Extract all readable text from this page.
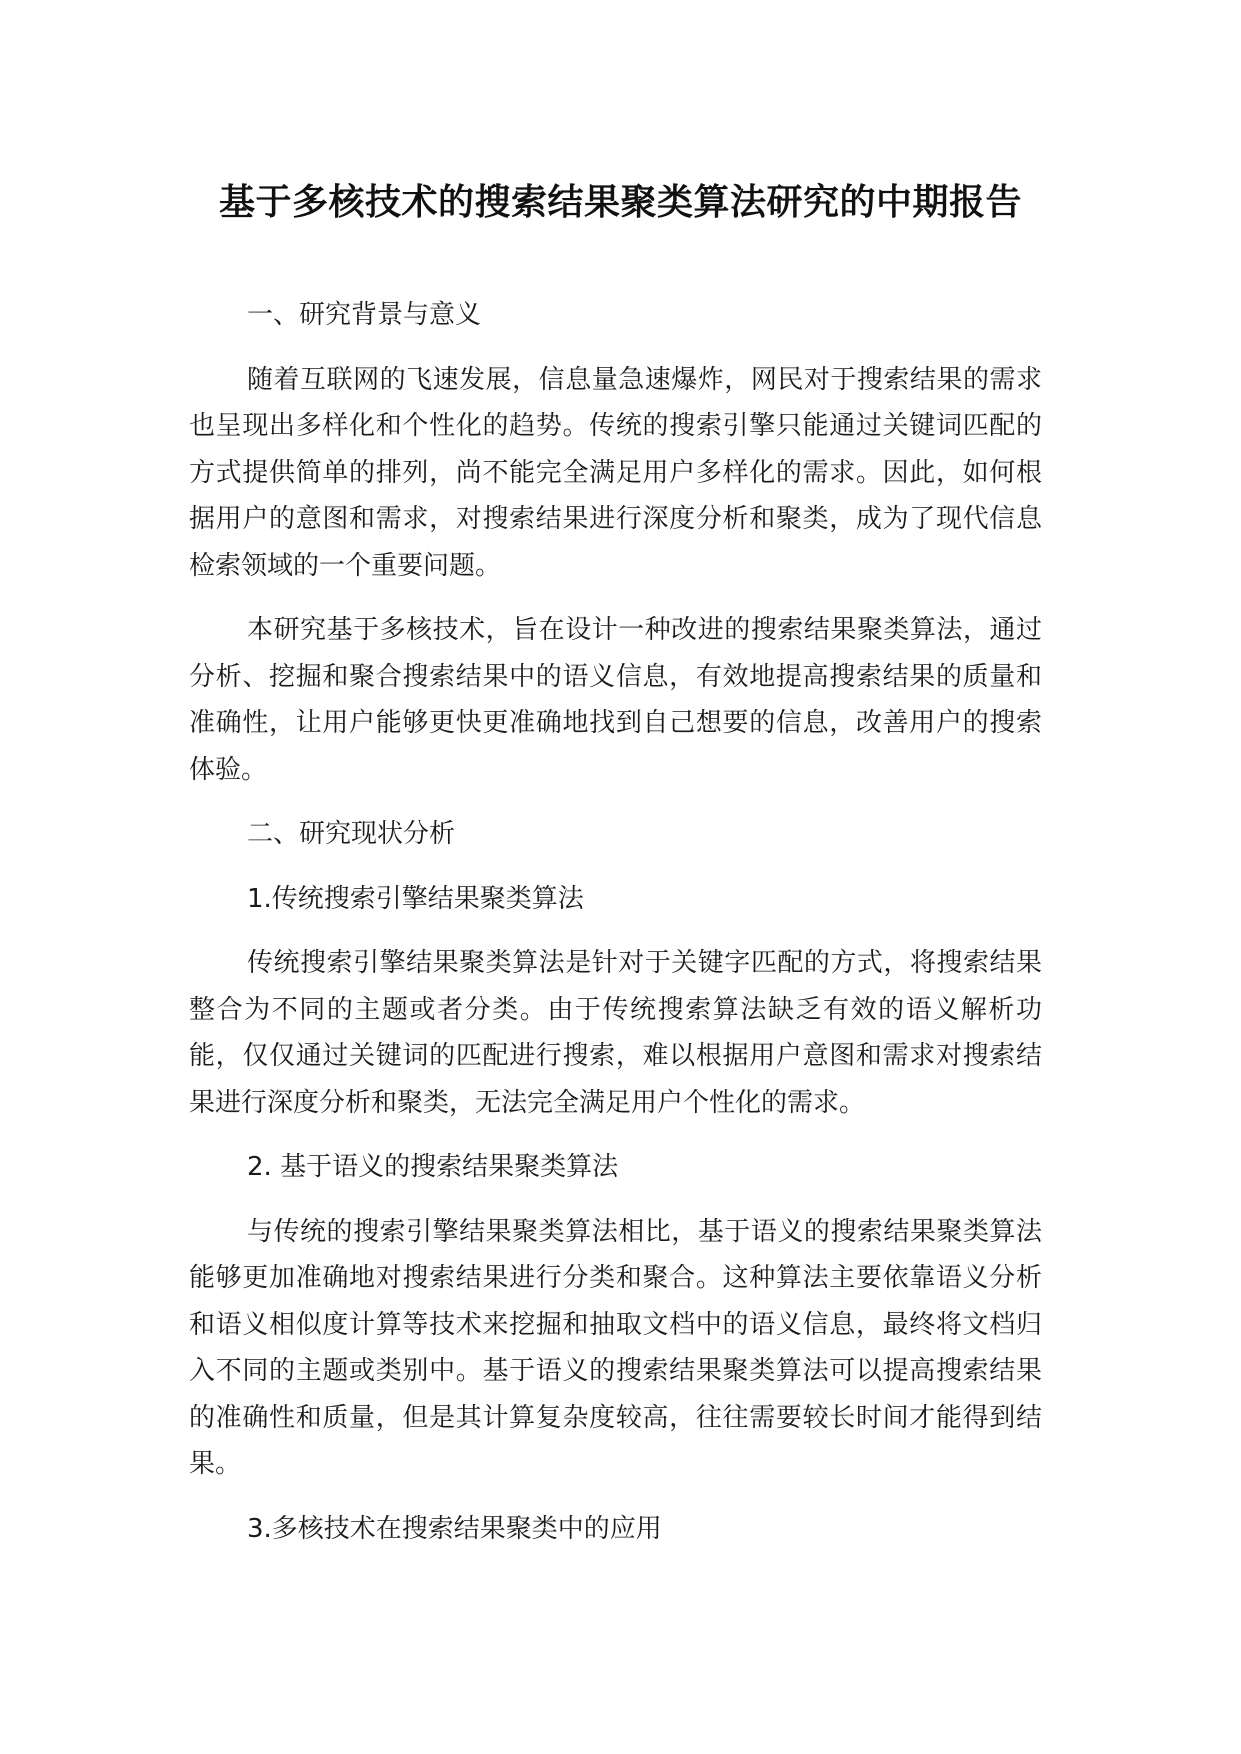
基于多核技术的搜索结果聚类算法研究的中期报告

一、研究背景与意义

随着互联网的飞速发展，信息量急速爆炸，网民对于搜索结果的需求也呈现出多样化和个性化的趋势。传统的搜索引擎只能通过关键词匹配的方式提供简单的排列，尚不能完全满足用户多样化的需求。因此，如何根据用户的意图和需求，对搜索结果进行深度分析和聚类，成为了现代信息检索领域的一个重要问题。

本研究基于多核技术，旨在设计一种改进的搜索结果聚类算法，通过分析、挖掘和聚合搜索结果中的语义信息，有效地提高搜索结果的质量和准确性，让用户能够更快更准确地找到自己想要的信息，改善用户的搜索体验。

二、研究现状分析

1.传统搜索引擎结果聚类算法

传统搜索引擎结果聚类算法是针对于关键字匹配的方式，将搜索结果整合为不同的主题或者分类。由于传统搜索算法缺乏有效的语义解析功能，仅仅通过关键词的匹配进行搜索，难以根据用户意图和需求对搜索结果进行深度分析和聚类，无法完全满足用户个性化的需求。

2. 基于语义的搜索结果聚类算法

与传统的搜索引擎结果聚类算法相比，基于语义的搜索结果聚类算法能够更加准确地对搜索结果进行分类和聚合。这种算法主要依靠语义分析和语义相似度计算等技术来挖掘和抽取文档中的语义信息，最终将文档归入不同的主题或类别中。基于语义的搜索结果聚类算法可以提高搜索结果的准确性和质量，但是其计算复杂度较高，往往需要较长时间才能得到结果。

3.多核技术在搜索结果聚类中的应用
